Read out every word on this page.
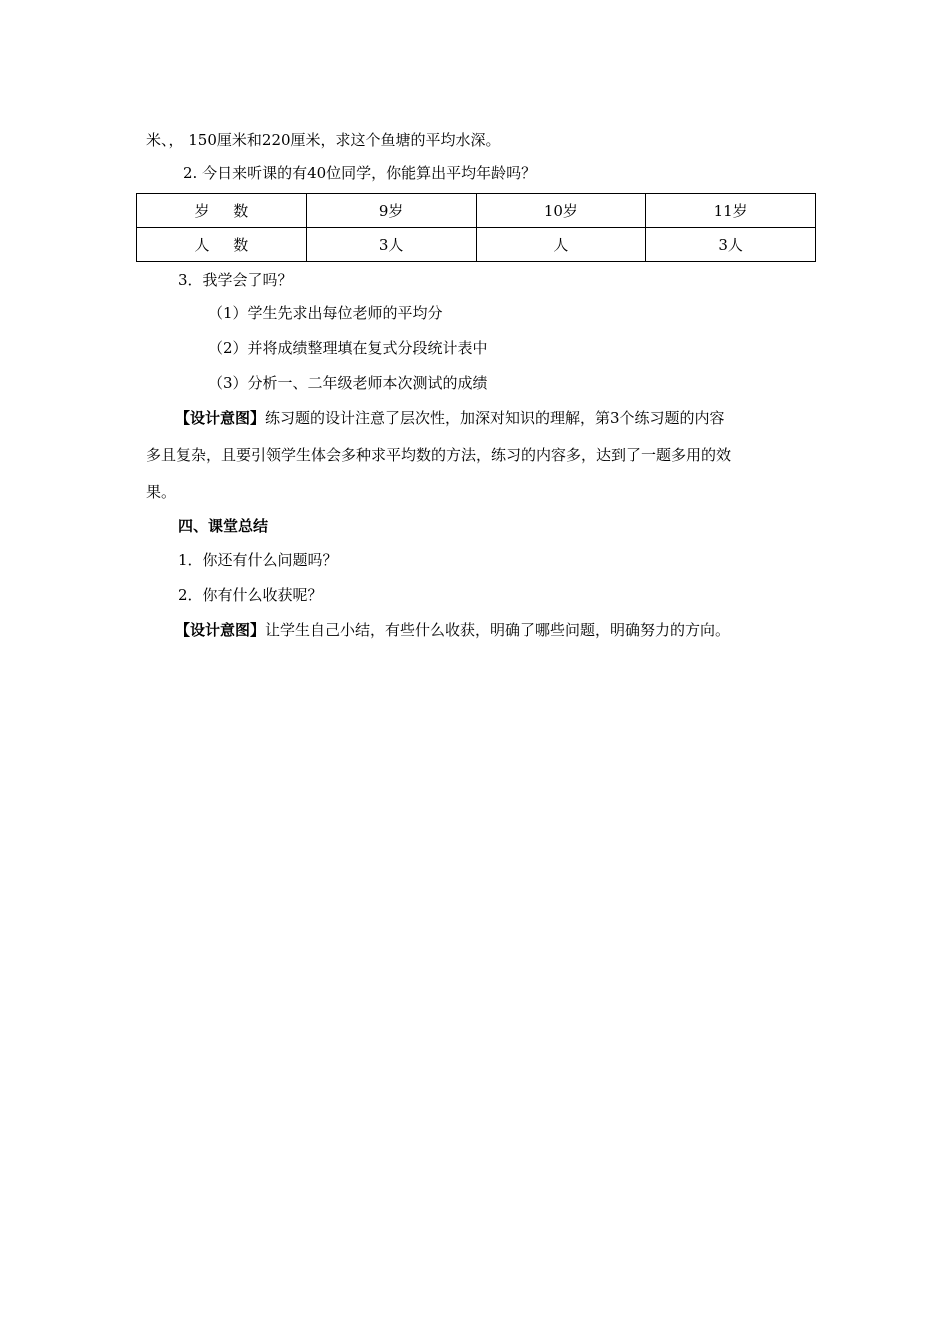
米、， 150厘米和220厘米，求这个鱼塘的平均水深。
2. 今日来听课的有40位同学，你能算出平均年龄吗？
岁     数	9岁	10岁	11岁
人     数	3人	人	3人
3．我学会了吗？
（1）学生先求出每位老师的平均分
（2）并将成绩整理填在复式分段统计表中
（3）分析一、二年级老师本次测试的成绩
【设计意图】练习题的设计注意了层次性，加深对知识的理解，第3个练习题的内容
多且复杂，且要引领学生体会多种求平均数的方法，练习的内容多，达到了一题多用的效
果。
四、课堂总结
1．你还有什么问题吗？
2．你有什么收获呢？
【设计意图】让学生自己小结，有些什么收获，明确了哪些问题，明确努力的方向。
